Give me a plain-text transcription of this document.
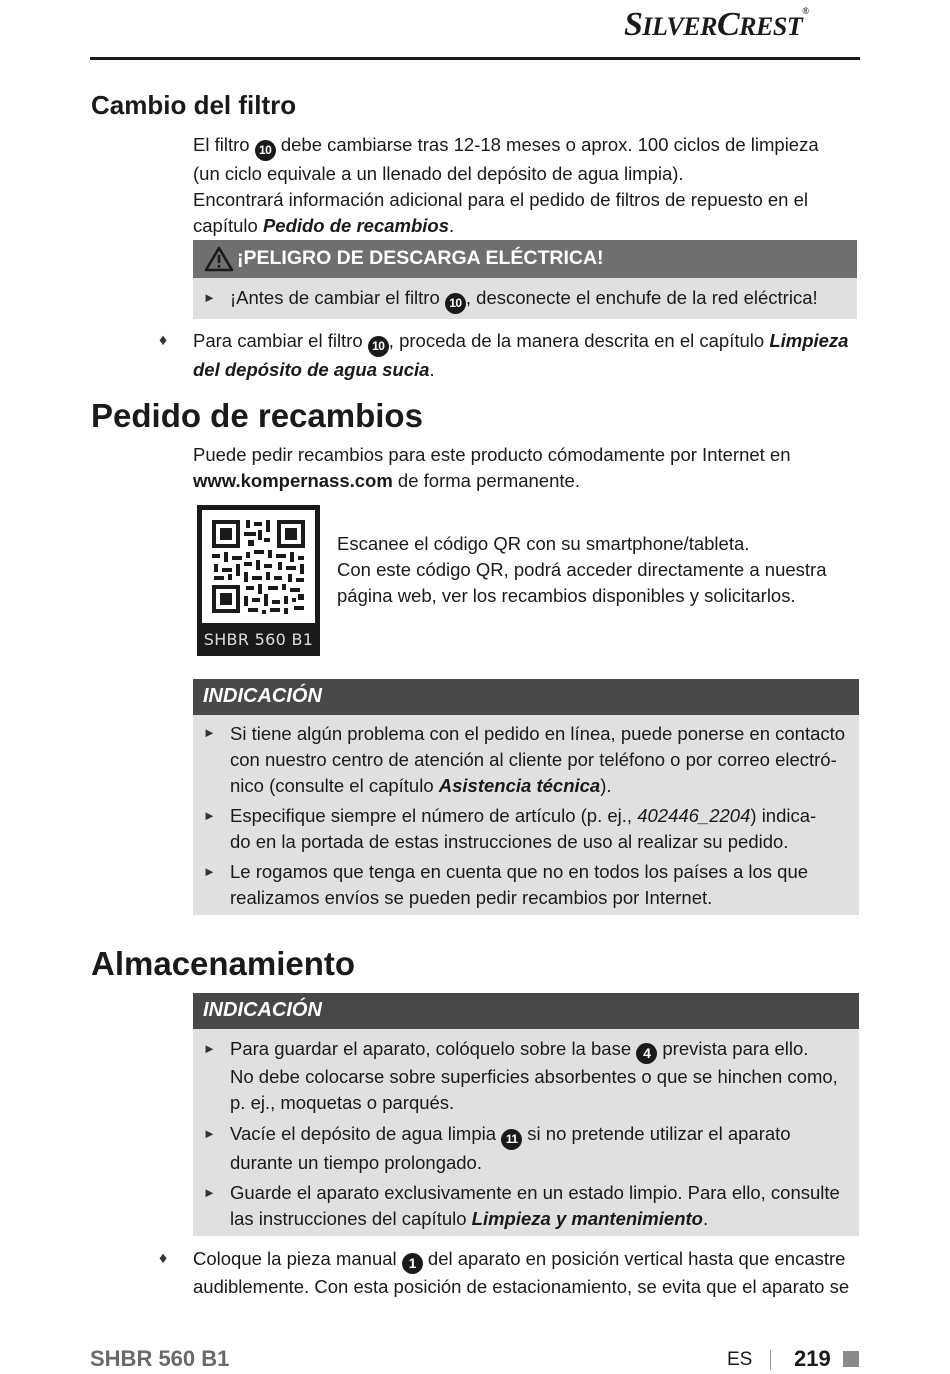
SILVERCREST®
Cambio del filtro
El filtro 10 debe cambiarse tras 12-18 meses o aprox. 100 ciclos de limpieza
(un ciclo equivale a un llenado del depósito de agua limpia).
Encontrará información adicional para el pedido de filtros de repuesto en el
capítulo Pedido de recambios.
¡PELIGRO DE DESCARGA ELÉCTRICA!
► ¡Antes de cambiar el filtro 10 , desconecte el enchufe de la red eléctrica!
♦ Para cambiar el filtro 10 , proceda de la manera descrita en el capítulo Limpieza
del depósito de agua sucia.
Pedido de recambios
Puede pedir recambios para este producto cómodamente por Internet en
www.kompernass.com de forma permanente.
SHBR 560 B1
Escanee el código QR con su smartphone/tableta.
Con este código QR, podrá acceder directamente a nuestra
página web, ver los recambios disponibles y solicitarlos.
INDICACIÓN
► Si tiene algún problema con el pedido en línea, puede ponerse en contacto
con nuestro centro de atención al cliente por teléfono o por correo electró-
nico (consulte el capítulo Asistencia técnica).
► Especifique siempre el número de artículo (p. ej., 402446_2204) indica-
do en la portada de estas instrucciones de uso al realizar su pedido.
► Le rogamos que tenga en cuenta que no en todos los países a los que
realizamos envíos se pueden pedir recambios por Internet.
Almacenamiento
INDICACIÓN
► Para guardar el aparato, colóquelo sobre la base 4 prevista para ello.
No debe colocarse sobre superficies absorbentes o que se hinchen como,
p. ej., moquetas o parqués.
► Vacíe el depósito de agua limpia 11 si no pretende utilizar el aparato
durante un tiempo prolongado.
► Guarde el aparato exclusivamente en un estado limpio. Para ello, consulte
las instrucciones del capítulo Limpieza y mantenimiento.
♦ Coloque la pieza manual 1 del aparato en posición vertical hasta que encastre
audiblemente. Con esta posición de estacionamiento, se evita que el aparato se
SHBR 560 B1	ES 219
